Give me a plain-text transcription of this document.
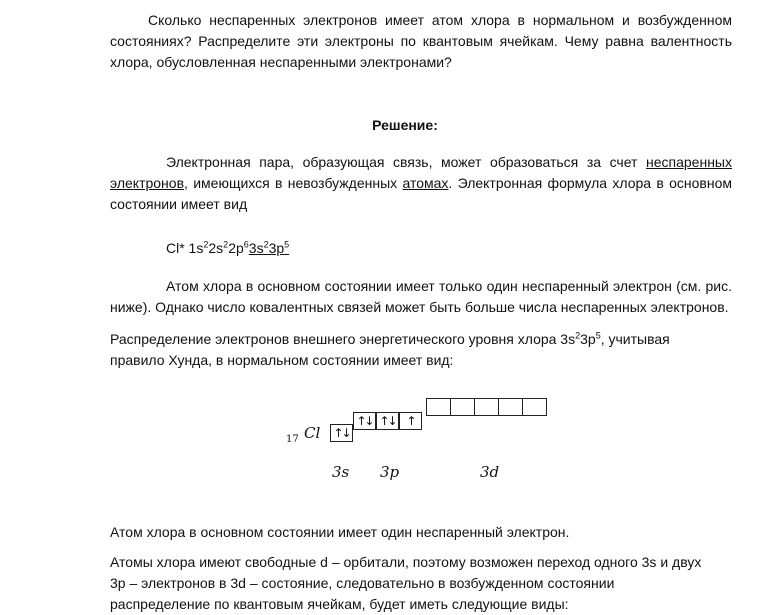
Сколько неспаренных электронов имеет атом хлора в нормальном и возбужденном состояниях? Распределите эти электроны по квантовым ячейкам. Чему равна валентность хлора, обусловленная неспаренными электронами?

Решение:

Электронная пара, образующая связь, может образоваться за счет неспаренных электронов, имеющихся в невозбужденных атомах. Электронная формула хлора в основном состоянии имеет вид

Cl* $1s^22s^22p^63s^23p^5$

Атом хлора в основном состоянии имеет только один неспаренный электрон (см. рис. ниже). Однако число ковалентных связей может быть больше числа неспаренных электронов.

Распределение электронов внешнего энергетического уровня хлора $3s^23p^5$, учитывая правило Хунда, в нормальном состоянии имеет вид:

Атом хлора в основном состоянии имеет один неспаренный электрон.

Атомы хлора имеют свободные d – орбитали, поэтому возможен переход одного 3s и двух 3p – электронов в 3d – состояние, следовательно в возбужденном состоянии распределение по квантовым ячейкам, будет иметь следующие виды:

17 Cl ↑↓
↑↓ ↑↓ ↑
3s 3p	3d
